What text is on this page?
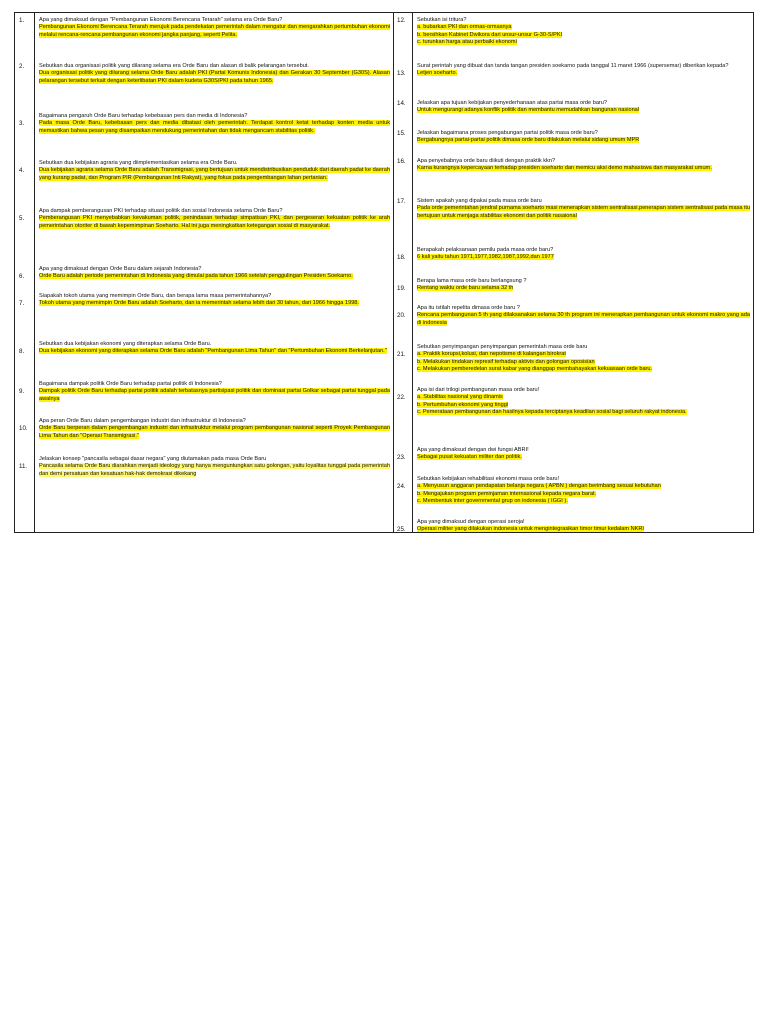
1.	Apa yang dimaksud dengan "Pembangunan Ekonomi Berencana Terarah" selama era Orde Baru?
Pembangunan Ekonomi Berencana Terarah merujuk pada pendekatan pemerintah dalam mengatur dan mengarahkan pertumbuhan ekonomi melalui rencana-rencana pembangunan ekonomi jangka panjang, seperti Pelita.
2.	Sebutkan dua organisasi politik yang dilarang selama era Orde Baru dan alasan di balik pelarangan tersebut.
Dua organisasi politik yang dilarang selama Orde Baru adalah PKI (Partai Komunis Indonesia) dan Gerakan 30 September (G30S). Alasan pelarangan tersebut terkait dengan keterlibatan PKI dalam kudeta G30S/PKI pada tahun 1965.
3.
Bagaimana pengaruh Orde Baru terhadap kebebasan pers dan media di Indonesia?
Pada masa Orde Baru, kebebasan pers dan media dibatasi oleh pemerintah. Terdapat kontrol ketat terhadap konten media untuk memastikan bahwa pesan yang disampaikan mendukung pemerintahan dan tidak mengancam stabilitas politik.
4.
Sebutkan dua kebijakan agraria yang diimplementasikan selama era Orde Baru.
Dua kebijakan agraria selama Orde Baru adalah Transmigrasi, yang bertujuan untuk mendistribusikan penduduk dari daerah padat ke daerah yang kurang padat, dan Program PIR (Pembangunan Inti Rakyat), yang fokus pada pengembangan lahan pertanian.
5.
Apa dampak pemberangusan PKI terhadap situasi politik dan sosial Indonesia selama Orde Baru?
Pemberangusan PKI menyebabkan kevakuman politik, penindasan terhadap simpatisan PKI, dan pergeseran kekuatan politik ke arah pemerintahan otoriter di bawah kepemimpinan Soeharto. Hal ini juga meningkatkan ketegangan sosial di masyarakat.
6.
Apa yang dimaksud dengan Orde Baru dalam sejarah Indonesia?
Orde Baru adalah periode pemerintahan di Indonesia yang dimulai pada tahun 1966 setelah penggulingan Presiden Soekarno.
7.
Siapakah tokoh utama yang memimpin Orde Baru, dan berapa lama masa pemerintahannya?
Tokoh utama yang memimpin Orde Baru adalah Soeharto, dan ia memerintah selama lebih dari 30 tahun, dari 1966 hingga 1998.
8.
Sebutkan dua kebijakan ekonomi yang diterapkan selama Orde Baru.
Dua kebijakan ekonomi yang diterapkan selama Orde Baru adalah "Pembangunan Lima Tahun" dan "Pertumbuhan Ekonomi Berkelanjutan."
9.
Bagaimana dampak politik Orde Baru terhadap partai politik di Indonesia?
Dampak politik Orde Baru terhadap partai politik adalah terbatasnya partisipasi politik dan dominasi partai Golkar sebagai partai tunggal pada awalnya
10.
Apa peran Orde Baru dalam pengembangan industri dan infrastruktur di Indonesia?
Orde Baru berperan dalam pengembangan industri dan infrastruktur melalui program pembangunan nasional seperti Proyek Pembangunan Lima Tahun dan "Operasi Transmigrasi."
11.
Jelaskan konsep "pancasila sebagai dasar negara" yang diutamakan pada masa Orde Baru
Pancasila selama Orde Baru diarahkan menjadi ideology yang hanya menguntungkan satu golongan, yaitu loyalitas tunggal pada pemerintah dan demi persatuan dan kesatuan hak-hak demokrasi dikekang
12. Sebutkan isi tritura?
a. bubarkan PKI dan ormas-ormasnya
b. bersihkan Kabinet Dwikora dari unsur-unsur G-30-S/PKI
c. turunkan harga atau perbaiki ekonomi
13.
Surat perintah yang dibuat dan tanda tangan presiden soekarno pada tanggal 11 maret 1966 (supersemar) diberikan kepada?
Letjen soeharto.
14. Jelaskan apa tujuan kebijakan penyederhanaan atas partai masa orde baru?
Untuk mengurangi adanya konflik politik dan membantu memudahkan bangunan nasional
15. Jelaskan bagaimana proses pengabungan partai politik masa orde baru?
Bergabungnya partai-partai politik dimasa orde baru dilakukan melalui sidang umum MPR
16. Apa penyebabnya orde baru diikuti dengan praktik kkn?
Karna kurangnya kepercayaan terhadap presiden soeharto dan memicu aksi demo mahasiswa dan masyarakat umum.
17. Sistem apakah yang dipakai pada masa orde baru
Pada orde pemerintahan jendral purnama soeharto masi menerapkan sistem sentralisasi.penerapan sistem sentralisasi pada masa itu bertujuan untuk menjaga stabilitas ekonomi dan politik nasaional
18.
Berapakah pelaksanaan pemilu pada masa orde baru?
6 kali yaitu tahun 1971,1977,1982,1987,1992,dan 1977
19.
Berapa lama masa orde baru berlangsung ?
Rentang waktu orde baru selama 32 th
20.
Apa itu istilah repelita dimasa orde baru ?
Rencana pembangunan 5 th yang dilaksanakan selama 30 th program ini menerapkan pembangunan untuk ekonomi makro yang ada di indonesia
21.
Sebutkan penyimpangan penyimpangan pemerintah masa orde baru
a. Praktik korupsi,kolusi, dan nepotisme di kalangan birokrat
b. Melakukan tindakan represif terhadap aktivis dan golongan oposisian
c. Melakukan pemberedelan surat kabar yang dianggap membahayakan kekuasaan orde baru.
22.
Apa isi dari trilogi pembangunan masa orde baru!
a. Stabilitas nasional yang dinamis
b. Pertumbuhan ekonomi yang tinggi
c. Pemerataan pembangunan dan hasilnya kepada terciptanya keadilan sosial bagi seluruh rakyat indonesia.
23.
Apa yang dimaksud dengan dwi fungsi ABRI!
Sebagai pusat kekuatan militer dan politik.
24.
Sebutkan kebijakan rehabilitasi ekonomi masa orde baru!
a. Menyusun anggaran pendapatan belanja negara ( APBN ) dengan berimbang sesuai kebutuhan
b. Mengajukan program peminjaman internasional kepada negara barat.
c. Membentuk inter governmental grup on indonesia ( IGGI ).
25.
Apa yang dimaksud dengan operasi seroja!
Operasi militer yang dilakukan indonesia untuk mengintegrasikan timor timur kedalam NKRI
